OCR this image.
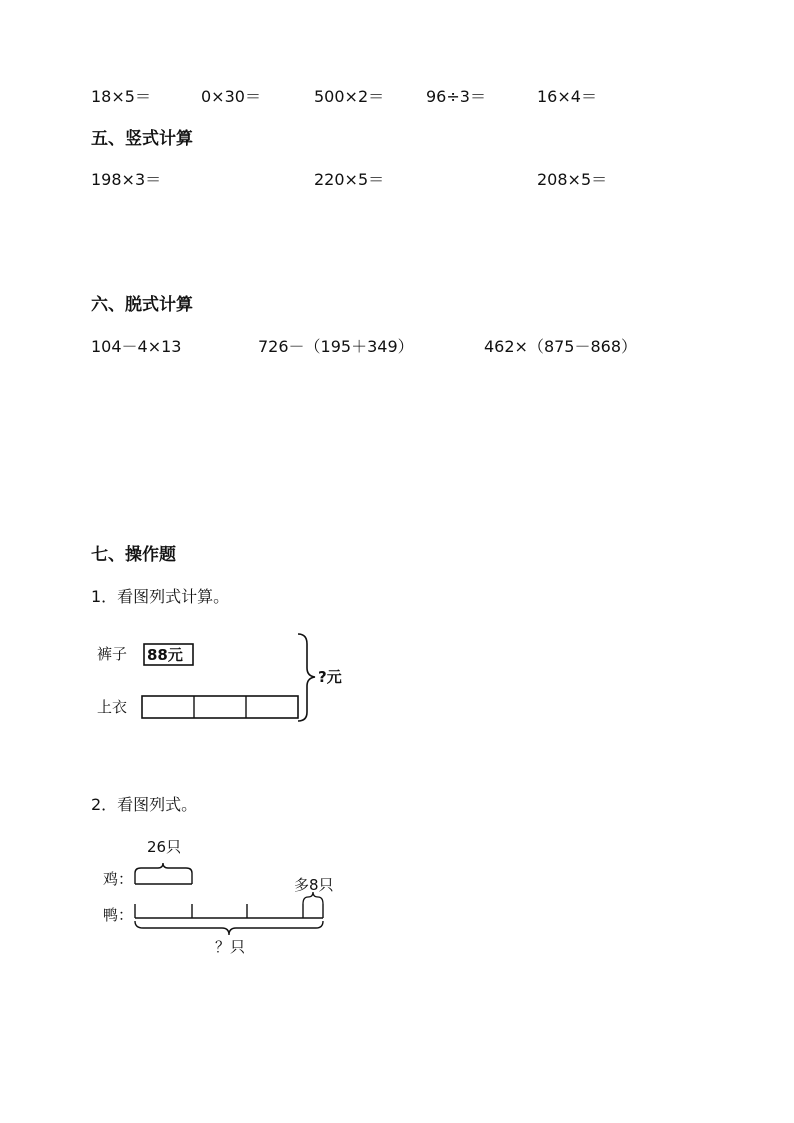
18×5＝	0×30＝	500×2＝	96÷3＝	16×4＝
五、竖式计算
198×3＝	220×5＝	208×5＝
六、脱式计算
104－4×13	726－（195＋349）	462×（875－868）
七、操作题
1．看图列式计算。
裤子 88元
上衣
?元
2．看图列式。
26只
鸡：	多8只
鸭：
？只
